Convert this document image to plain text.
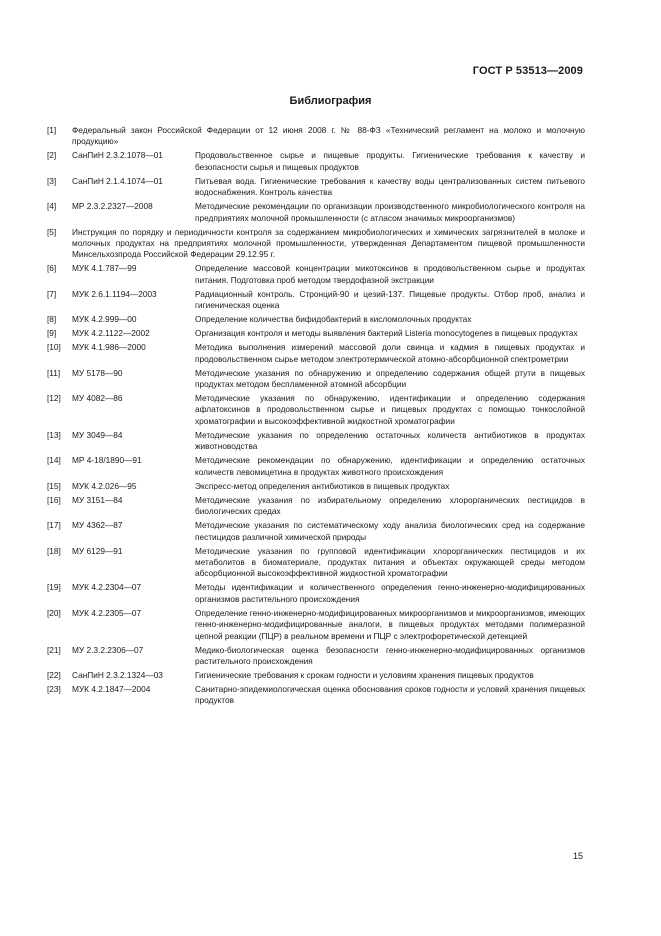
ГОСТ Р 53513—2009
Библиография
[1]	Федеральный закон Российской Федерации от 12 июня 2008 г. № 88-ФЗ «Технический регламент на молоко и молочную продукцию»
[2]	СанПиН 2.3.2.1078—01	Продовольственное сырье и пищевые продукты. Гигиенические требования к качеству и безопасности сырья и пищевых продуктов
[3]	СанПиН 2.1.4.1074—01	Питьевая вода. Гигиенические требования к качеству воды централизованных систем питьевого водоснабжения. Контроль качества
[4]	МР 2.3.2.2327—2008	Методические рекомендации по организации производственного микробиологического контроля на предприятиях молочной промышленности (с атласом значимых микроорганизмов)
[5]	Инструкция по порядку и периодичности контроля за содержанием микробиологических и химических загрязнителей в молоке и молочных продуктах на предприятиях молочной промышленности, утвержденная Департаментом пищевой промышленности Минсельхозпрода Российской Федерации 29.12.95 г.
[6]	МУК 4.1.787—99	Определение массовой концентрации микотоксинов в продовольственном сырье и продуктах питания. Подготовка проб методом твердофазной экстракции
[7]	МУК 2.6.1.1194—2003	Радиационный контроль. Стронций-90 и цезий-137. Пищевые продукты. Отбор проб, анализ и гигиеническая оценка
[8]	МУК 4.2.999—00	Определение количества бифидобактерий в кисломолочных продуктах
[9]	МУК 4.2.1122—2002	Организация контроля и методы выявления бактерий Listeria monocytogenes в пищевых продуктах
[10]	МУК 4.1.986—2000	Методика выполнения измерений массовой доли свинца и кадмия в пищевых продуктах и продовольственном сырье методом электротермической атомно-абсорбционной спектрометрии
[11]	МУ 5178—90	Методические указания по обнаружению и определению содержания общей ртути в пищевых продуктах методом беспламенной атомной абсорбции
[12]	МУ 4082—86	Методические указания по обнаружению, идентификации и определению содержания афлатоксинов в продовольственном сырье и пищевых продуктах с помощью тонкослойной хроматографии и высокоэффективной жидкостной хроматографии
[13]	МУ 3049—84	Методические указания по определению остаточных количеств антибиотиков в продуктах животноводства
[14]	МР 4-18/1890—91	Методические рекомендации по обнаружению, идентификации и определению остаточных количеств левомицетина в продуктах животного происхождения
[15]	МУК 4.2.026—95	Экспресс-метод определения антибиотиков в пищевых продуктах
[16]	МУ 3151—84	Методические указания по избирательному определению хлорорганических пестицидов в биологических средах
[17]	МУ 4362—87	Методические указания по систематическому ходу анализа биологических сред на содержание пестицидов различной химической природы
[18]	МУ 6129—91	Методические указания по групповой идентификации хлорорганических пестицидов и их метаболитов в биоматериале, продуктах питания и объектах окружающей среды методом абсорбционной высокоэффективной жидкостной хроматографии
[19]	МУК 4.2.2304—07	Методы идентификации и количественного определения генно-инженерно-модифицированных организмов растительного происхождения
[20]	МУК 4.2.2305—07	Определение генно-инженерно-модифицированных микроорганизмов и микроорганизмов, имеющих генно-инженерно-модифицированные аналоги, в пищевых продуктах методами полимеразной цепной реакции (ПЦР) в реальном времени и ПЦР с электрофоретической детекцией
[21]	МУ 2.3.2.2306—07	Медико-биологическая оценка безопасности генно-инженерно-модифицированных организмов растительного происхождения
[22]	СанПиН 2.3.2.1324—03	Гигиенические требования к срокам годности и условиям хранения пищевых продуктов
[23]	МУК 4.2.1847—2004	Санитарно-эпидемиологическая оценка обоснования сроков годности и условий хранения пищевых продуктов
15
